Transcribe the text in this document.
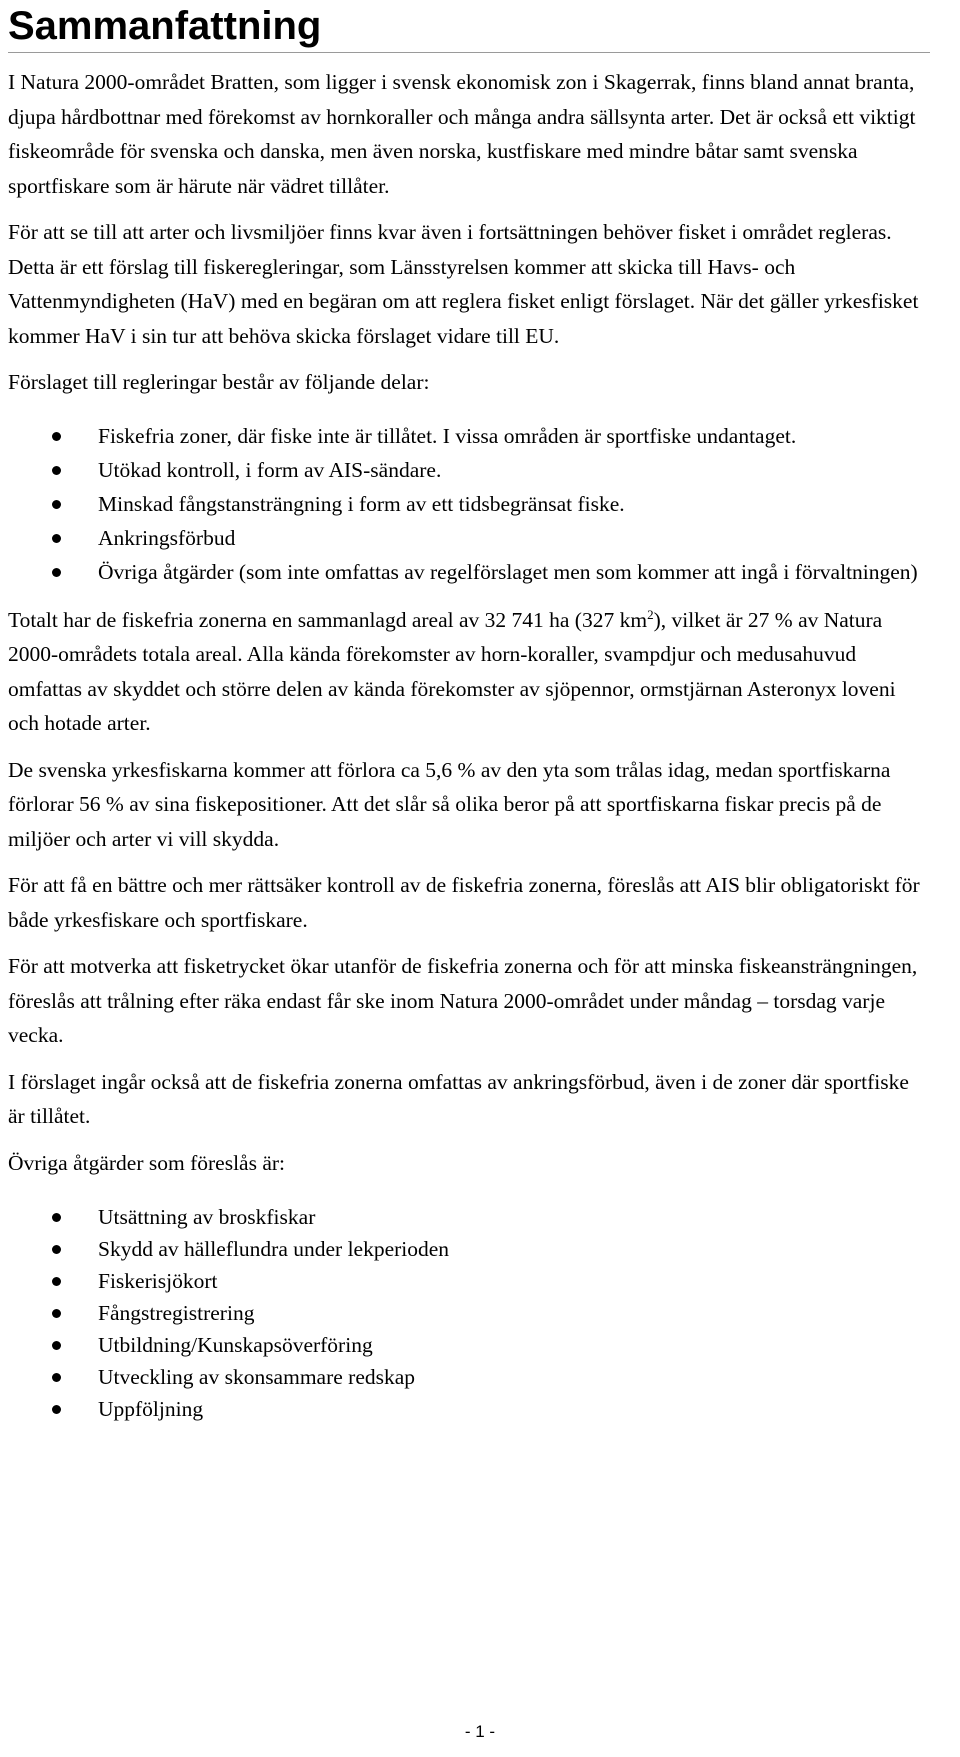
Sammanfattning

I Natura 2000-området Bratten, som ligger i svensk ekonomisk zon i Skagerrak, finns bland annat branta, djupa hårdbottnar med förekomst av hornkoraller och många andra sällsynta arter. Det är också ett viktigt fiskeområde för svenska och danska, men även norska, kustfiskare med mindre båtar samt svenska sportfiskare som är härute när vädret tillåter.

För att se till att arter och livsmiljöer finns kvar även i fortsättningen behöver fisket i området regleras. Detta är ett förslag till fiskeregleringar, som Länsstyrelsen kommer att skicka till Havs- och Vattenmyndigheten (HaV) med en begäran om att reglera fisket enligt förslaget. När det gäller yrkesfisket kommer HaV i sin tur att behöva skicka förslaget vidare till EU.

Förslaget till regleringar består av följande delar:

Fiskefria zoner, där fiske inte är tillåtet. I vissa områden är sportfiske undantaget.
Utökad kontroll, i form av AIS-sändare.
Minskad fångstansträngning i form av ett tidsbegränsat fiske.
Ankringsförbud
Övriga åtgärder (som inte omfattas av regelförslaget men som kommer att ingå i förvaltningen)

Totalt har de fiskefria zonerna en sammanlagd areal av 32 741 ha (327 $km^2$), vilket är 27 % av Natura 2000-områdets totala areal. Alla kända förekomster av horn-koraller, svampdjur och medusahuvud omfattas av skyddet och större delen av kända förekomster av sjöpennor, ormstjärnan Asteronyx loveni och hotade arter.

De svenska yrkesfiskarna kommer att förlora ca 5,6 % av den yta som trålas idag, medan sportfiskarna förlorar 56 % av sina fiskepositioner. Att det slår så olika beror på att sportfiskarna fiskar precis på de miljöer och arter vi vill skydda.

För att få en bättre och mer rättsäker kontroll av de fiskefria zonerna, föreslås att AIS blir obligatoriskt för både yrkesfiskare och sportfiskare.

För att motverka att fisketrycket ökar utanför de fiskefria zonerna och för att minska fiskeansträngningen, föreslås att trålning efter räka endast får ske inom Natura 2000-området under måndag – torsdag varje vecka.

I förslaget ingår också att de fiskefria zonerna omfattas av ankringsförbud, även i de zoner där sportfiske är tillåtet.

Övriga åtgärder som föreslås är:

Utsättning av broskfiskar
Skydd av hälleflundra under lekperioden
Fiskerisjökort
Fångstregistrering
Utbildning/Kunskapsöverföring
Utveckling av skonsammare redskap
Uppföljning
- 1 -
